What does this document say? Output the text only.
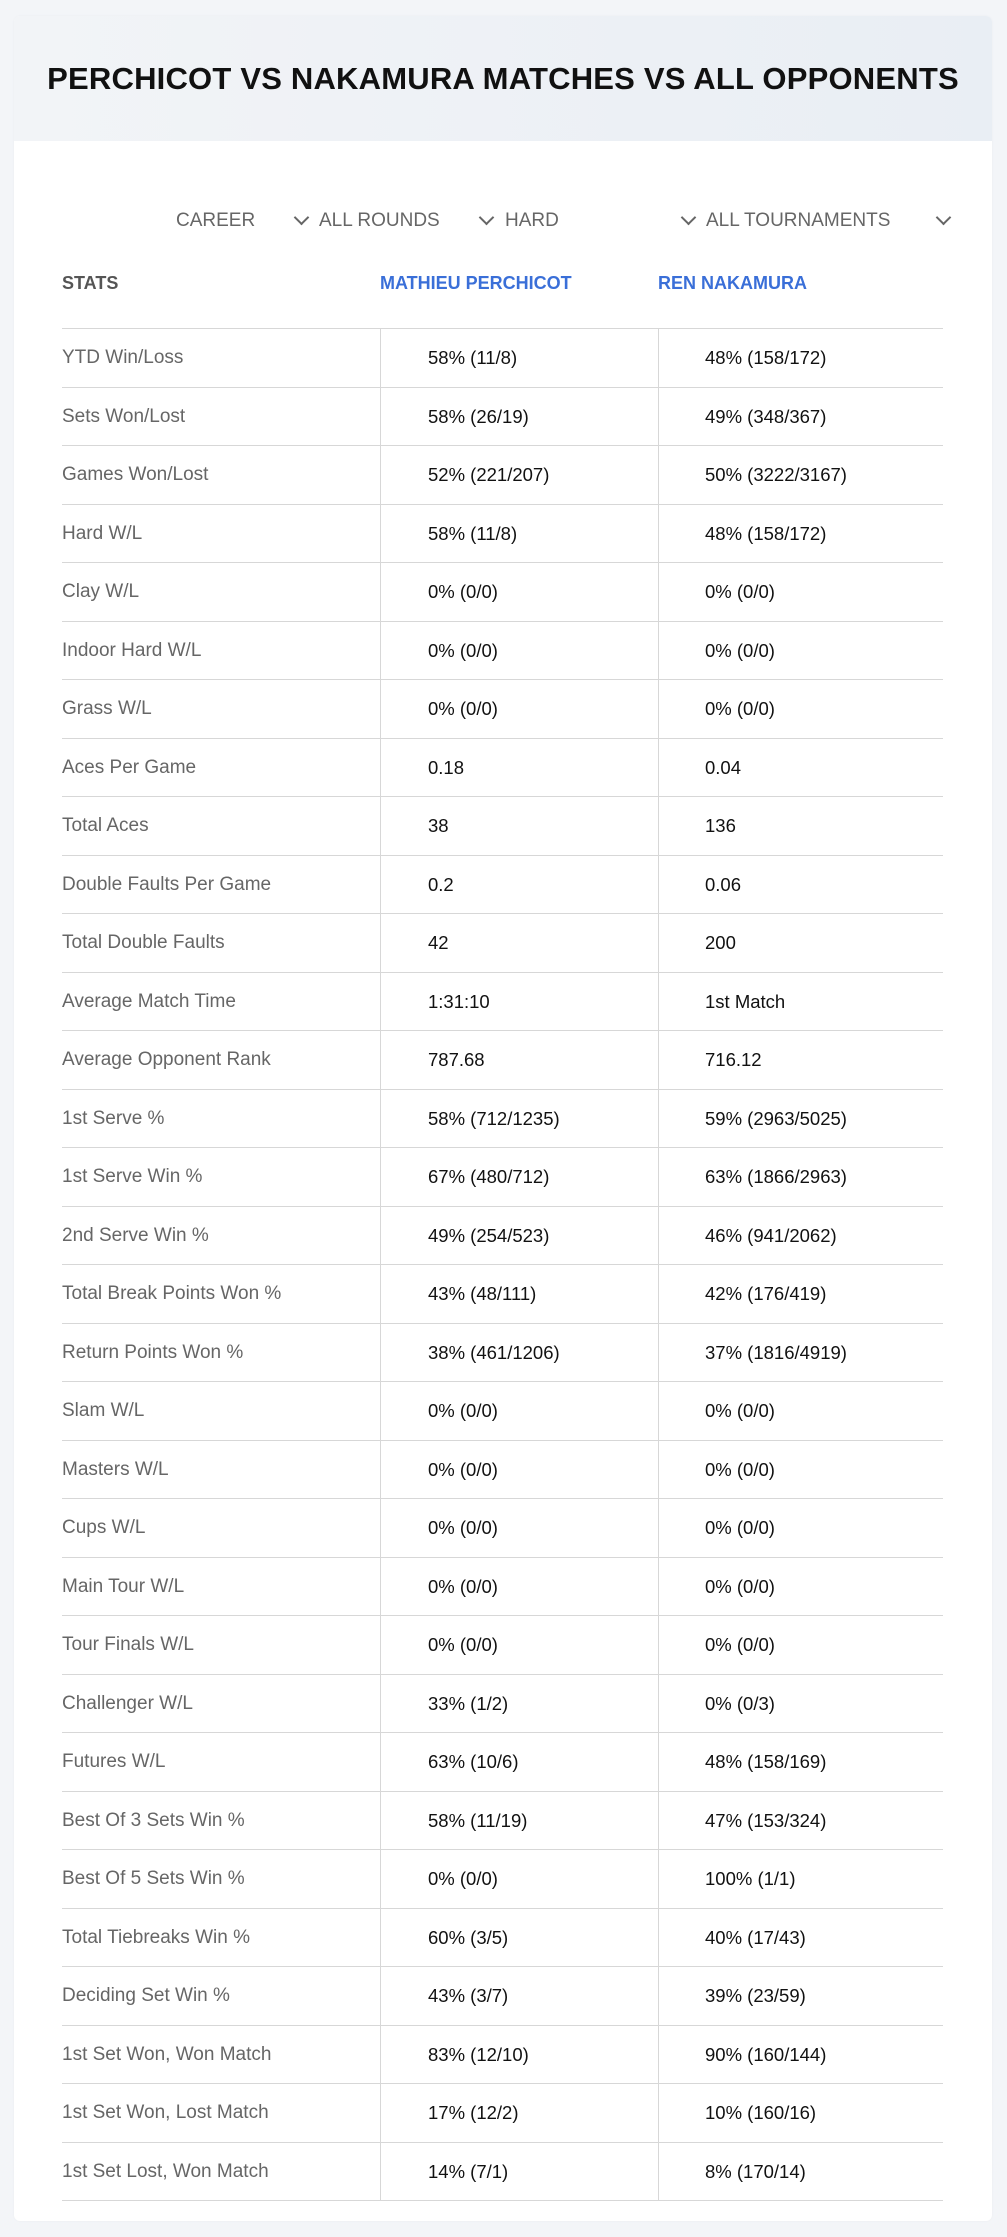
PERCHICOT VS NAKAMURA MATCHES VS ALL OPPONENTS
CAREER	ALL ROUNDS	HARD	ALL TOURNAMENTS
STATS	MATHIEU PERCHICOT	REN NAKAMURA
YTD Win/Loss	58% (11/8)	48% (158/172)
Sets Won/Lost	58% (26/19)	49% (348/367)
Games Won/Lost	52% (221/207)	50% (3222/3167)
Hard W/L	58% (11/8)	48% (158/172)
Clay W/L	0% (0/0)	0% (0/0)
Indoor Hard W/L	0% (0/0)	0% (0/0)
Grass W/L	0% (0/0)	0% (0/0)
Aces Per Game	0.18	0.04
Total Aces	38	136
Double Faults Per Game	0.2	0.06
Total Double Faults	42	200
Average Match Time	1:31:10	1st Match
Average Opponent Rank	787.68	716.12
1st Serve %	58% (712/1235)	59% (2963/5025)
1st Serve Win %	67% (480/712)	63% (1866/2963)
2nd Serve Win %	49% (254/523)	46% (941/2062)
Total Break Points Won %	43% (48/111)	42% (176/419)
Return Points Won %	38% (461/1206)	37% (1816/4919)
Slam W/L	0% (0/0)	0% (0/0)
Masters W/L	0% (0/0)	0% (0/0)
Cups W/L	0% (0/0)	0% (0/0)
Main Tour W/L	0% (0/0)	0% (0/0)
Tour Finals W/L	0% (0/0)	0% (0/0)
Challenger W/L	33% (1/2)	0% (0/3)
Futures W/L	63% (10/6)	48% (158/169)
Best Of 3 Sets Win %	58% (11/19)	47% (153/324)
Best Of 5 Sets Win %	0% (0/0)	100% (1/1)
Total Tiebreaks Win %	60% (3/5)	40% (17/43)
Deciding Set Win %	43% (3/7)	39% (23/59)
1st Set Won, Won Match	83% (12/10)	90% (160/144)
1st Set Won, Lost Match	17% (12/2)	10% (160/16)
1st Set Lost, Won Match	14% (7/1)	8% (170/14)
